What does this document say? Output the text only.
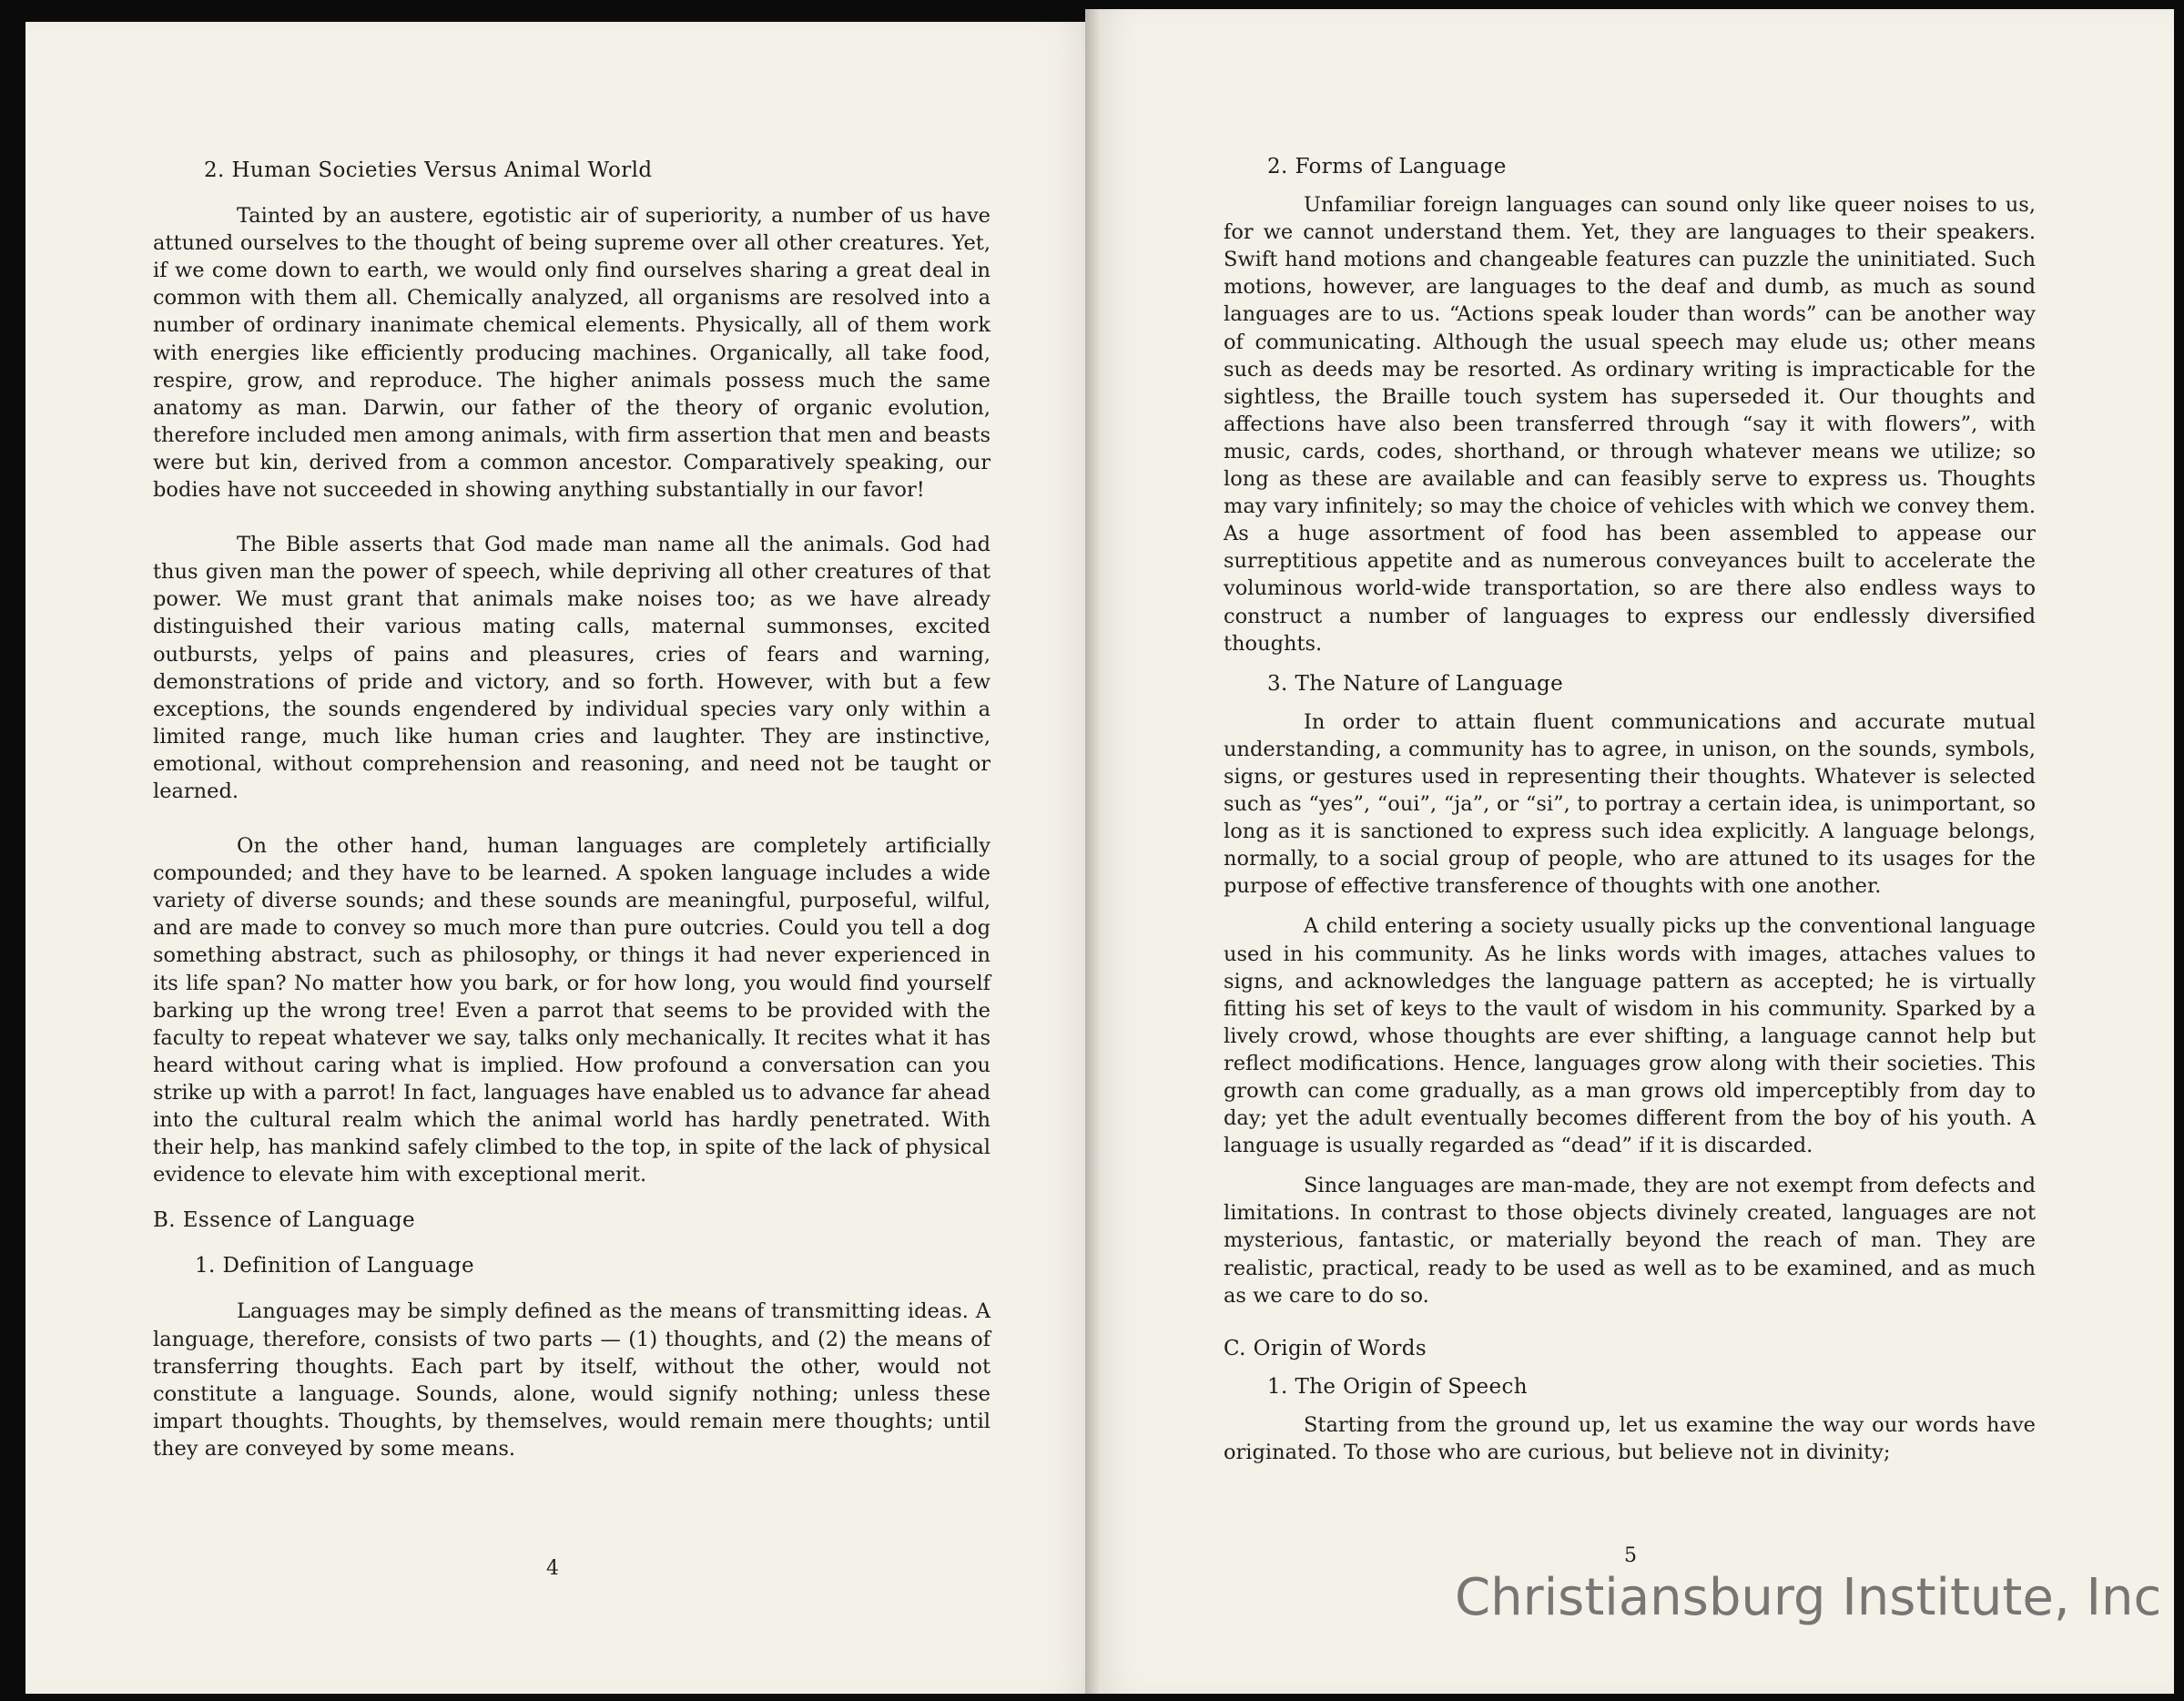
2. Human Societies Versus Animal World

Tainted by an austere, egotistic air of superiority, a number of us have attuned ourselves to the thought of being supreme over all other creatures. Yet, if we come down to earth, we would only find ourselves sharing a great deal in common with them all. Chemically analyzed, all organisms are resolved into a number of ordinary inanimate chemical elements. Physically, all of them work with energies like efficiently producing machines. Organically, all take food, respire, grow, and reproduce. The higher animals possess much the same anatomy as man. Darwin, our father of the theory of organic evolution, therefore included men among animals, with firm assertion that men and beasts were but kin, derived from a common ancestor. Comparatively speaking, our bodies have not succeeded in showing anything substantially in our favor!

The Bible asserts that God made man name all the animals. God had thus given man the power of speech, while depriving all other creatures of that power. We must grant that animals make noises too; as we have already distinguished their various mating calls, maternal summonses, excited outbursts, yelps of pains and pleasures, cries of fears and warning, demonstrations of pride and victory, and so forth. However, with but a few exceptions, the sounds engendered by individual species vary only within a limited range, much like human cries and laughter. They are instinctive, emotional, without comprehension and reasoning, and need not be taught or learned.

On the other hand, human languages are completely artificially compounded; and they have to be learned. A spoken language includes a wide variety of diverse sounds; and these sounds are meaningful, purposeful, wilful, and are made to convey so much more than pure outcries. Could you tell a dog something abstract, such as philosophy, or things it had never experienced in its life span? No matter how you bark, or for how long, you would find yourself barking up the wrong tree! Even a parrot that seems to be provided with the faculty to repeat whatever we say, talks only mechanically. It recites what it has heard without caring what is implied. How profound a conversation can you strike up with a parrot! In fact, languages have enabled us to advance far ahead into the cultural realm which the animal world has hardly penetrated. With their help, has mankind safely climbed to the top, in spite of the lack of physical evidence to elevate him with exceptional merit.

B. Essence of Language
1. Definition of Language

Languages may be simply defined as the means of transmitting ideas. A language, therefore, consists of two parts — (1) thoughts, and (2) the means of transferring thoughts. Each part by itself, without the other, would not constitute a language. Sounds, alone, would signify nothing; unless these impart thoughts. Thoughts, by themselves, would remain mere thoughts; until they are conveyed by some means.

4
2. Forms of Language

Unfamiliar foreign languages can sound only like queer noises to us, for we cannot understand them. Yet, they are languages to their speakers. Swift hand motions and changeable features can puzzle the uninitiated. Such motions, however, are languages to the deaf and dumb, as much as sound languages are to us. “Actions speak louder than words” can be another way of communicating. Although the usual speech may elude us; other means such as deeds may be resorted. As ordinary writing is impracticable for the sightless, the Braille touch system has superseded it. Our thoughts and affections have also been transferred through “say it with flowers”, with music, cards, codes, shorthand, or through whatever means we utilize; so long as these are available and can feasibly serve to express us. Thoughts may vary infinitely; so may the choice of vehicles with which we convey them. As a huge assortment of food has been assembled to appease our surreptitious appetite and as numerous conveyances built to accelerate the voluminous world-wide transportation, so are there also endless ways to construct a number of languages to express our endlessly diversified thoughts.

3. The Nature of Language

In order to attain fluent communications and accurate mutual understanding, a community has to agree, in unison, on the sounds, symbols, signs, or gestures used in representing their thoughts. Whatever is selected such as “yes”, “oui”, “ja”, or “si”, to portray a certain idea, is unimportant, so long as it is sanctioned to express such idea explicitly. A language belongs, normally, to a social group of people, who are attuned to its usages for the purpose of effective transference of thoughts with one another.

A child entering a society usually picks up the conventional language used in his community. As he links words with images, attaches values to signs, and acknowledges the language pattern as accepted; he is virtually fitting his set of keys to the vault of wisdom in his community. Sparked by a lively crowd, whose thoughts are ever shifting, a language cannot help but reflect modifications. Hence, languages grow along with their societies. This growth can come gradually, as a man grows old imperceptibly from day to day; yet the adult eventually becomes different from the boy of his youth. A language is usually regarded as “dead” if it is discarded.

Since languages are man-made, they are not exempt from defects and limitations. In contrast to those objects divinely created, languages are not mysterious, fantastic, or materially beyond the reach of man. They are realistic, practical, ready to be used as well as to be examined, and as much as we care to do so.

C. Origin of Words
1. The Origin of Speech

Starting from the ground up, let us examine the way our words have originated. To those who are curious, but believe not in divinity;

5
Christiansburg Institute, Inc
